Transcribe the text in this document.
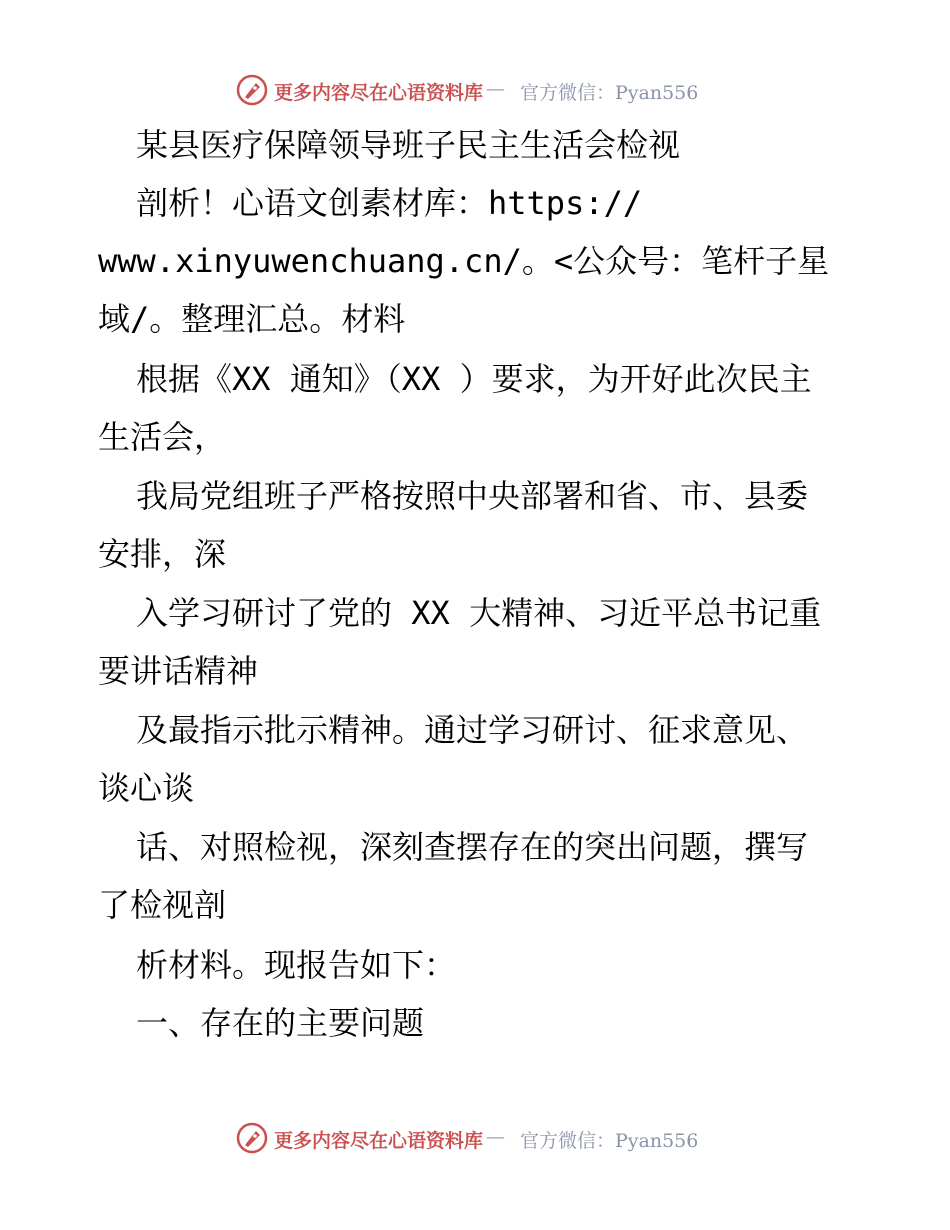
更多内容尽在心语资料库 — 官方微信：Pyan556
某县医疗保障领导班子民主生活会检视
剖析！心语文创素材库：https://
www.xinyuwenchuang.cn/。<公众号：笔杆子星
域/。整理汇总。材料
根据《XX 通知》（XX ）要求，为开好此次民主
生活会，
我局党组班子严格按照中央部署和省、市、县委
安排，深
入学习研讨了党的 XX 大精神、习近平总书记重
要讲话精神
及最指示批示精神。通过学习研讨、征求意见、
谈心谈
话、对照检视，深刻查摆存在的突出问题，撰写
了检视剖
析材料。现报告如下：
一、存在的主要问题
更多内容尽在心语资料库 — 官方微信：Pyan556
